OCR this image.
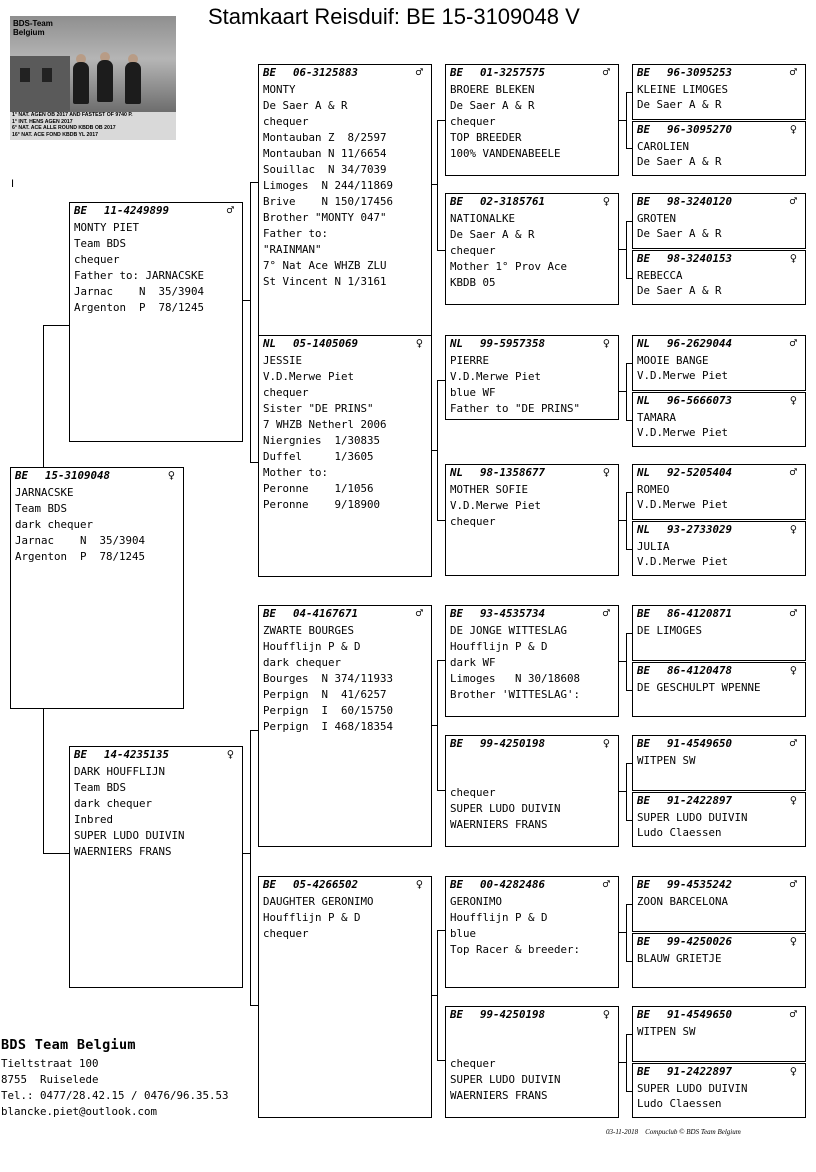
Stamkaart Reisduif: BE 15-3109048 V
BDS-Team
Belgium
1° NAT. AGEN OB 2017 AND FASTEST OF 9740 P.
1° INT. HENS AGEN 2017
6° NAT. ACE ALLE ROUND KBDB OB 2017
16° NAT. ACE FOND KBDB YL 2017
I
BE 15-3109048	♀
JARNACSKE
Team BDS
dark chequer
Jarnac    N  35/3904
Argenton  P  78/1245
BE 11-4249899	♂
MONTY PIET
Team BDS
chequer
Father to: JARNACSKE
Jarnac    N  35/3904
Argenton  P  78/1245
BE 14-4235135	♀
DARK HOUFFLIJN
Team BDS
dark chequer
Inbred
SUPER LUDO DUIVIN
WAERNIERS FRANS
BE 06-3125883	♂
MONTY
De Saer A & R
chequer
Montauban Z  8/2597
Montauban N 11/6654
Souillac  N 34/7039
Limoges  N 244/11869
Brive    N 150/17456
Brother "MONTY 047"
Father to:
"RAINMAN"
7° Nat Ace WHZB ZLU
St Vincent N 1/3161
NL 05-1405069	♀
JESSIE
V.D.Merwe Piet
chequer
Sister "DE PRINS"
7 WHZB Netherl 2006
Niergnies  1/30835
Duffel     1/3605
Mother to:
Peronne    1/1056
Peronne    9/18900
BE 04-4167671	♂
ZWARTE BOURGES
Houfflijn P & D
dark chequer
Bourges  N 374/11933
Perpign  N  41/6257
Perpign  I  60/15750
Perpign  I 468/18354
BE 05-4266502	♀
DAUGHTER GERONIMO
Houfflijn P & D
chequer
BE 01-3257575	♂
BROERE BLEKEN
De Saer A & R
chequer
TOP BREEDER
100% VANDENABEELE
BE 02-3185761	♀
NATIONALKE
De Saer A & R
chequer
Mother 1° Prov Ace
KBDB 05
NL 99-5957358	♀
PIERRE
V.D.Merwe Piet
blue WF
Father to "DE PRINS"
NL 98-1358677	♀
MOTHER SOFIE
V.D.Merwe Piet
chequer
BE 93-4535734	♂
DE JONGE WITTESLAG
Houfflijn P & D
dark WF
Limoges   N 30/18608
Brother 'WITTESLAG':
BE 99-4250198	♀
chequer
SUPER LUDO DUIVIN
WAERNIERS FRANS
BE 00-4282486	♂
GERONIMO
Houfflijn P & D
blue
Top Racer & breeder:
BE 99-4250198	♀
chequer
SUPER LUDO DUIVIN
WAERNIERS FRANS
BE 96-3095253	♂
KLEINE LIMOGES
De Saer A & R
BE 96-3095270	♀
CAROLIEN
De Saer A & R
BE 98-3240120	♂
GROTEN
De Saer A & R
BE 98-3240153	♀
REBECCA
De Saer A & R
NL 96-2629044	♂
MOOIE BANGE
V.D.Merwe Piet
NL 96-5666073	♀
TAMARA
V.D.Merwe Piet
NL 92-5205404	♂
ROMEO
V.D.Merwe Piet
NL 93-2733029	♀
JULIA
V.D.Merwe Piet
BE 86-4120871	♂
DE LIMOGES
BE 86-4120478	♀
DE GESCHULPT WPENNE
BE 91-4549650	♂
WITPEN SW
BE 91-2422897	♀
SUPER LUDO DUIVIN
Ludo Claessen
BE 99-4535242	♂
ZOON BARCELONA
BE 99-4250026	♀
BLAUW GRIETJE
BE 91-4549650	♂
WITPEN SW
BE 91-2422897	♀
SUPER LUDO DUIVIN
Ludo Claessen
BDS Team Belgium
Tieltstraat 100
8755  Ruiselede
Tel.: 0477/28.42.15 / 0476/96.35.53
blancke.piet@outlook.com
03-11-2018    Compuclub © BDS Team Belgium
